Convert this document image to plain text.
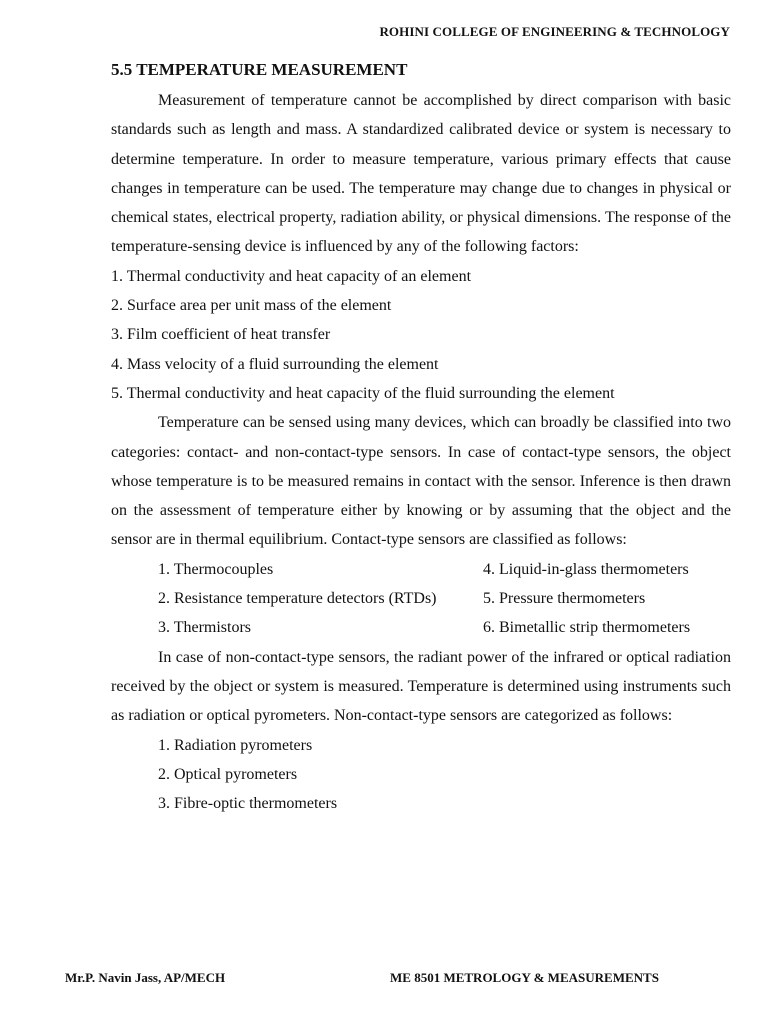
ROHINI COLLEGE OF ENGINEERING & TECHNOLOGY
5.5 TEMPERATURE MEASUREMENT

Measurement of temperature cannot be accomplished by direct comparison with basic standards such as length and mass. A standardized calibrated device or system is necessary to determine temperature. In order to measure temperature, various primary effects that cause changes in temperature can be used. The temperature may change due to changes in physical or chemical states, electrical property, radiation ability, or physical dimensions. The response of the temperature-sensing device is influenced by any of the following factors:

1. Thermal conductivity and heat capacity of an element

2. Surface area per unit mass of the element

3. Film coefficient of heat transfer

4. Mass velocity of a fluid surrounding the element

5. Thermal conductivity and heat capacity of the fluid surrounding the element

Temperature can be sensed using many devices, which can broadly be classified into two categories: contact- and non-contact-type sensors. In case of contact-type sensors, the object whose temperature is to be measured remains in contact with the sensor. Inference is then drawn on the assessment of temperature either by knowing or by assuming that the object and the sensor are in thermal equilibrium. Contact-type sensors are classified as follows:

1. Thermocouples	4. Liquid-in-glass thermometers
2. Resistance temperature detectors (RTDs)	5. Pressure thermometers
3. Thermistors	6. Bimetallic strip thermometers

In case of non-contact-type sensors, the radiant power of the infrared or optical radiation received by the object or system is measured. Temperature is determined using instruments such as radiation or optical pyrometers. Non-contact-type sensors are categorized as follows:

1. Radiation pyrometers

2. Optical pyrometers

3. Fibre-optic thermometers

Mr.P. Navin Jass, AP/MECH	ME 8501 METROLOGY & MEASUREMENTS
